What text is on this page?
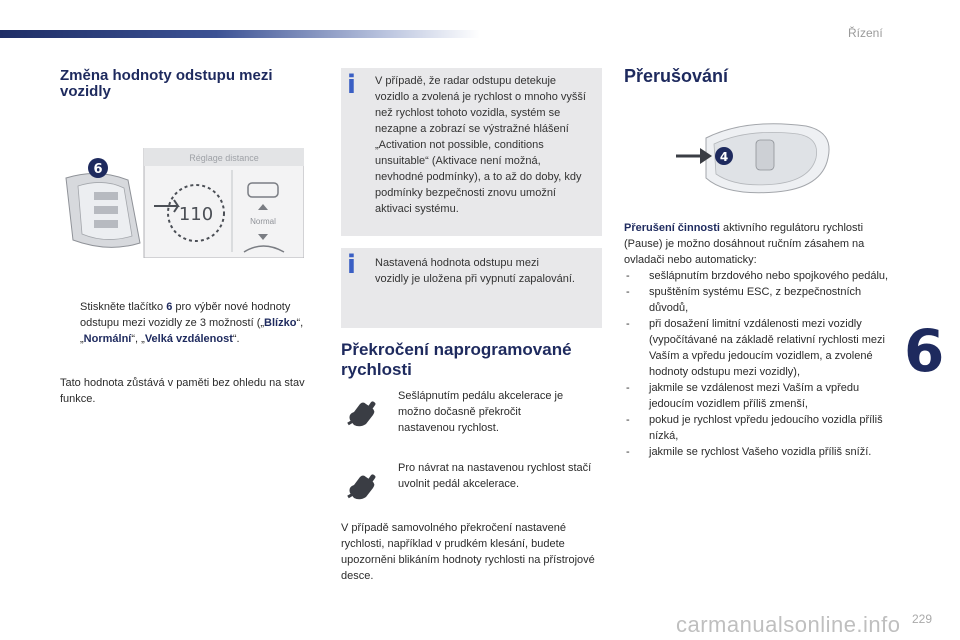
Řízení
6
Změna hodnoty odstupu mezi vozidly
6
Réglage distance
110	Normal
Stiskněte tlačítko 6 pro výběr nové hodnoty odstupu mezi vozidly ze 3 možností („Blízko“, „Normální“, „Velká vzdálenost“.
Tato hodnota zůstává v paměti bez ohledu na stav funkce.
i V případě, že radar odstupu detekuje vozidlo a zvolená je rychlost o mnoho vyšší než rychlost tohoto vozidla, systém se nezapne a zobrazí se výstražné hlášení „Activation not possible, conditions unsuitable“ (Aktivace není možná, nevhodné podmínky), a to až do doby, kdy podmínky bezpečnosti znovu umožní aktivaci systému.
i Nastavená hodnota odstupu mezi vozidly je uložena při vypnutí zapalování.
Překročení naprogramované rychlosti
Sešlápnutím pedálu akcelerace je možno dočasně překročit nastavenou rychlost.
Pro návrat na nastavenou rychlost stačí uvolnit pedál akcelerace.
V případě samovolného překročení nastavené rychlosti, například v prudkém klesání, budete upozorněni blikáním hodnoty rychlosti na přístrojové desce.
Přerušování
4
Přerušení činnosti aktivního regulátoru rychlosti (Pause) je možno dosáhnout ručním zásahem na ovladači nebo automaticky:
- sešlápnutím brzdového nebo spojkového pedálu,
- spuštěním systému ESC, z bezpečnostních důvodů,
- při dosažení limitní vzdálenosti mezi vozidly (vypočítávané na základě relativní rychlosti mezi Vaším a vpředu jedoucím vozidlem, a zvolené hodnoty odstupu mezi vozidly),
- jakmile se vzdálenost mezi Vaším a vpředu jedoucím vozidlem příliš zmenší,
- pokud je rychlost vpředu jedoucího vozidla příliš nízká,
- jakmile se rychlost Vašeho vozidla příliš sníží.
carmanualsonline.info 229
